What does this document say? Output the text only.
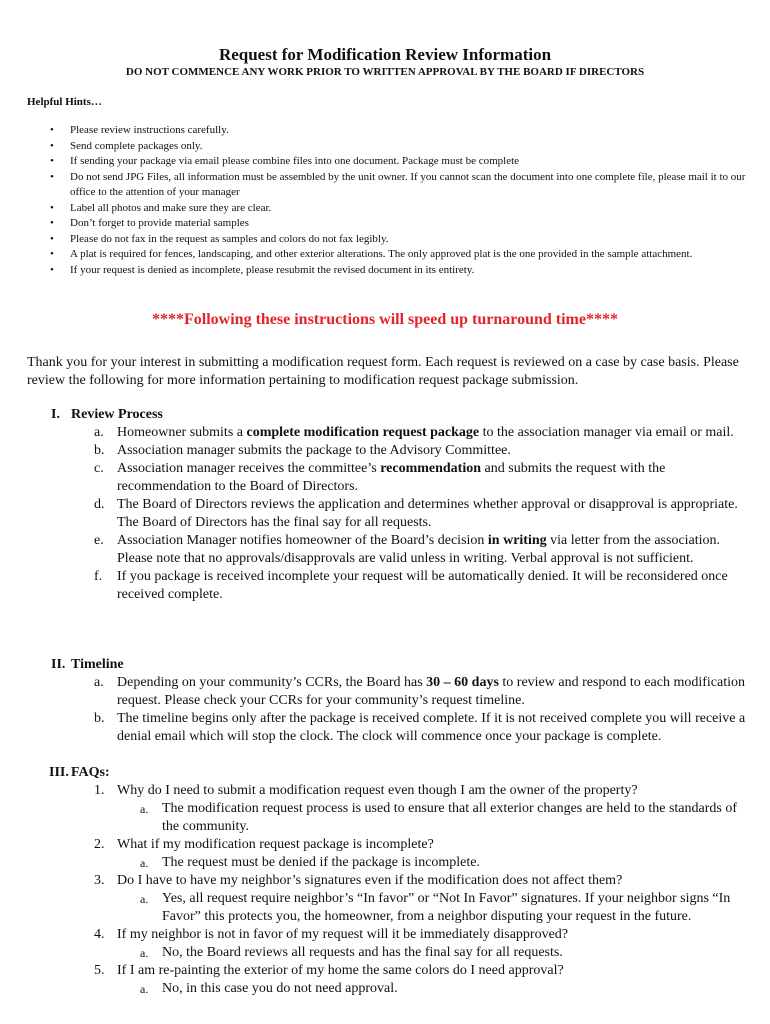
Request for Modification Review Information
DO NOT COMMENCE ANY WORK PRIOR TO WRITTEN APPROVAL BY THE BOARD IF DIRECTORS
Helpful Hints…
• Please review instructions carefully.
• Send complete packages only.
• If sending your package via email please combine files into one document. Package must be complete
• Do not send JPG Files, all information must be assembled by the unit owner. If you cannot scan the document into one complete file, please mail it to our office to the attention of your manager
• Label all photos and make sure they are clear.
• Don’t forget to provide material samples
• Please do not fax in the request as samples and colors do not fax legibly.
• A plat is required for fences, landscaping, and other exterior alterations. The only approved plat is the one provided in the sample attachment.
• If your request is denied as incomplete, please resubmit the revised document in its entirety.
****Following these instructions will speed up turnaround time****
Thank you for your interest in submitting a modification request form. Each request is reviewed on a case by case basis. Please review the following for more information pertaining to modification request package submission.
I. Review Process
a. Homeowner submits a complete modification request package to the association manager via email or mail.
b. Association manager submits the package to the Advisory Committee.
c. Association manager receives the committee’s recommendation and submits the request with the recommendation to the Board of Directors.
d. The Board of Directors reviews the application and determines whether approval or disapproval is appropriate. The Board of Directors has the final say for all requests.
e. Association Manager notifies homeowner of the Board’s decision in writing via letter from the association. Please note that no approvals/disapprovals are valid unless in writing. Verbal approval is not sufficient.
f.	If you package is received incomplete your request will be automatically denied. It will be reconsidered once received complete.
II. Timeline
a. Depending on your community’s CCRs, the Board has 30 – 60 days to review and respond to each modification request. Please check your CCRs for your community’s request timeline.
b. The timeline begins only after the package is received complete. If it is not received complete you will receive a denial email which will stop the clock. The clock will commence once your package is complete.
III. FAQs:
1. Why do I need to submit a modification request even though I am the owner of the property?
a. The modification request process is used to ensure that all exterior changes are held to the standards of the community.
2. What if my modification request package is incomplete?
a. The request must be denied if the package is incomplete.
3. Do I have to have my neighbor’s signatures even if the modification does not affect them?
a. Yes, all request require neighbor’s “In favor” or “Not In Favor” signatures. If your neighbor signs “In Favor” this protects you, the homeowner, from a neighbor disputing your request in the future.
4. If my neighbor is not in favor of my request will it be immediately disapproved?
a. No, the Board reviews all requests and has the final say for all requests.
5. If I am re-painting the exterior of my home the same colors do I need approval?
a. No, in this case you do not need approval.
